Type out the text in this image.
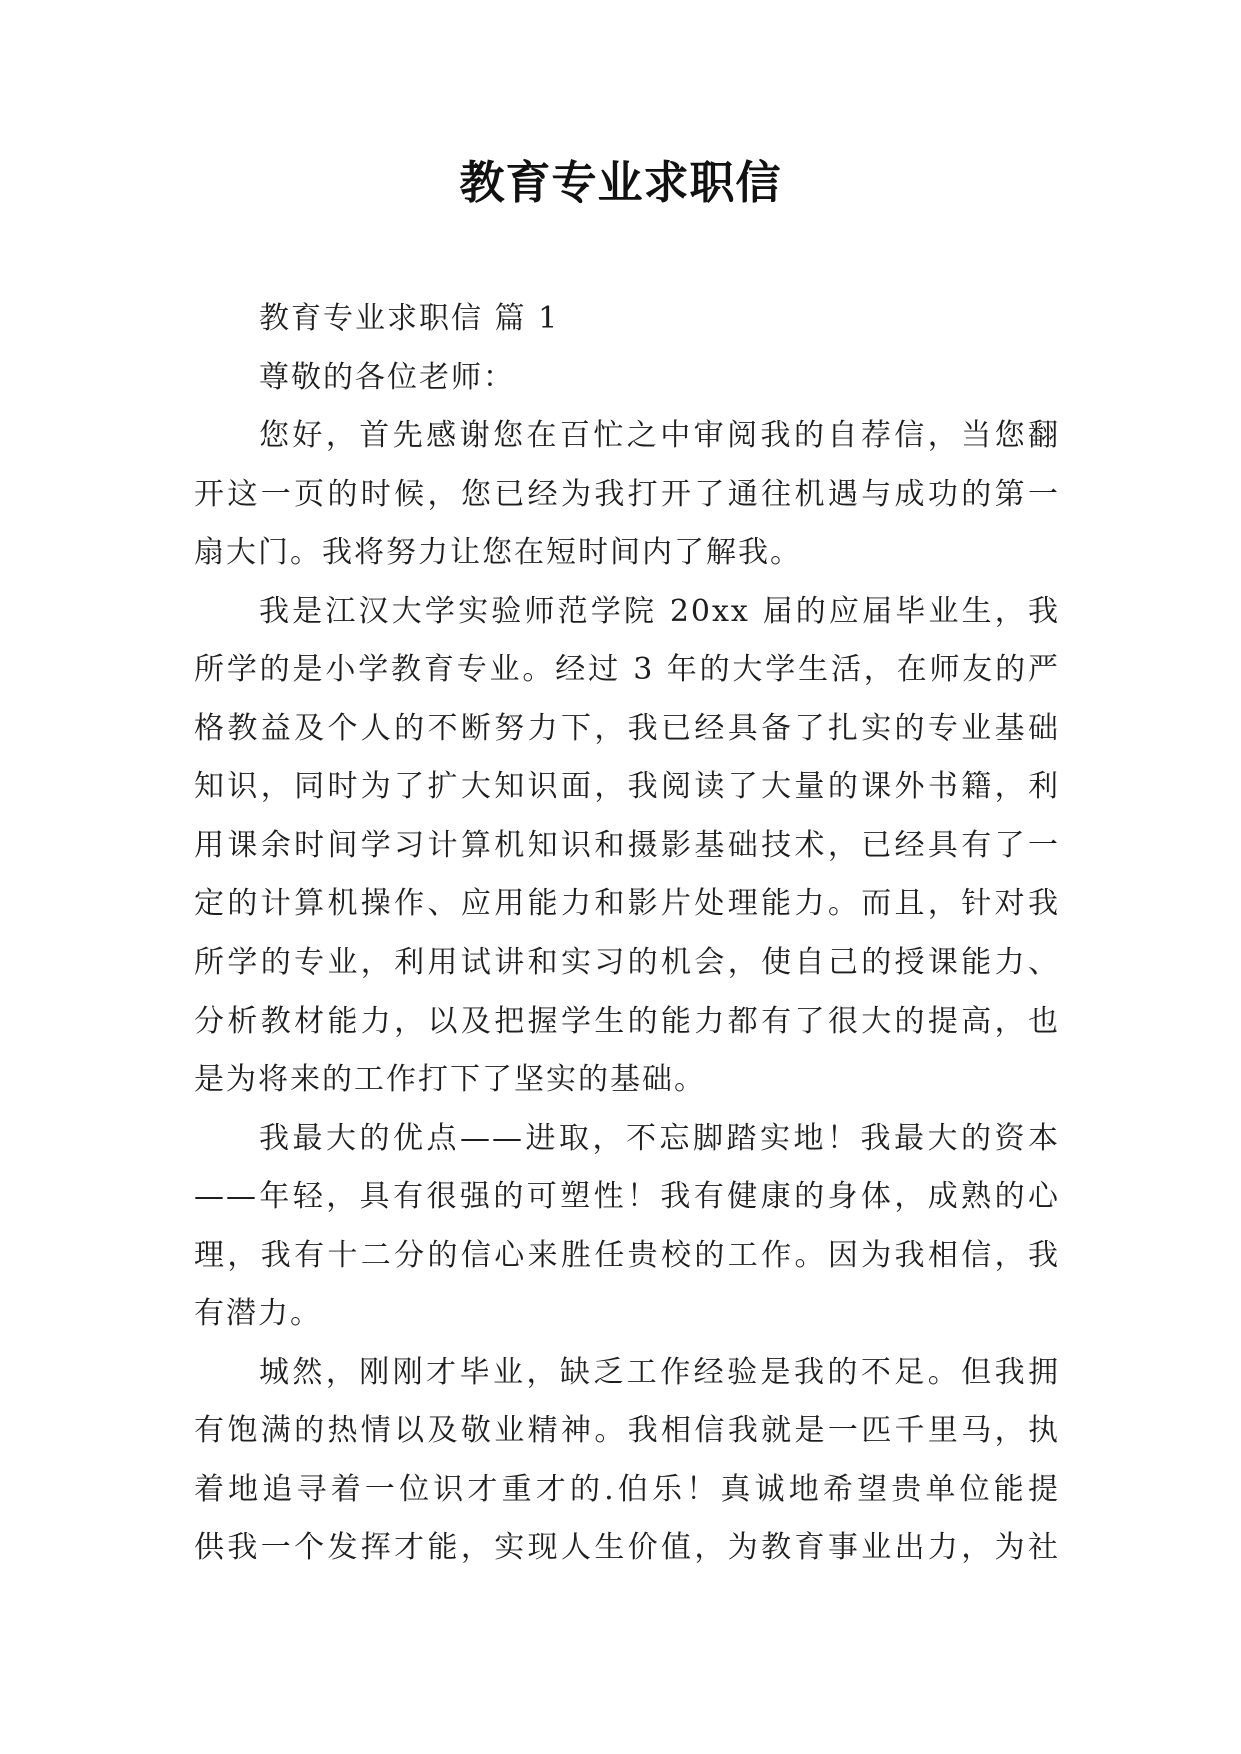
教育专业求职信
教育专业求职信 篇 1
尊敬的各位老师：
您好，首先感谢您在百忙之中审阅我的自荐信，当您翻
开这一页的时候，您已经为我打开了通往机遇与成功的第一
扇大门。我将努力让您在短时间内了解我。
我是江汉大学实验师范学院 20xx 届的应届毕业生，我
所学的是小学教育专业。经过 3 年的大学生活，在师友的严
格教益及个人的不断努力下，我已经具备了扎实的专业基础
知识，同时为了扩大知识面，我阅读了大量的课外书籍，利
用课余时间学习计算机知识和摄影基础技术，已经具有了一
定的计算机操作、应用能力和影片处理能力。而且，针对我
所学的专业，利用试讲和实习的机会，使自己的授课能力、
分析教材能力，以及把握学生的能力都有了很大的提高，也
是为将来的工作打下了坚实的基础。
我最大的优点——进取，不忘脚踏实地！我最大的资本
——年轻，具有很强的可塑性！我有健康的身体，成熟的心
理，我有十二分的信心来胜任贵校的工作。因为我相信，我
有潜力。
城然，刚刚才毕业，缺乏工作经验是我的不足。但我拥
有饱满的热情以及敬业精神。我相信我就是一匹千里马，执
着地追寻着一位识才重才的.伯乐！真诚地希望贵单位能提
供我一个发挥才能，实现人生价值，为教育事业出力，为社
